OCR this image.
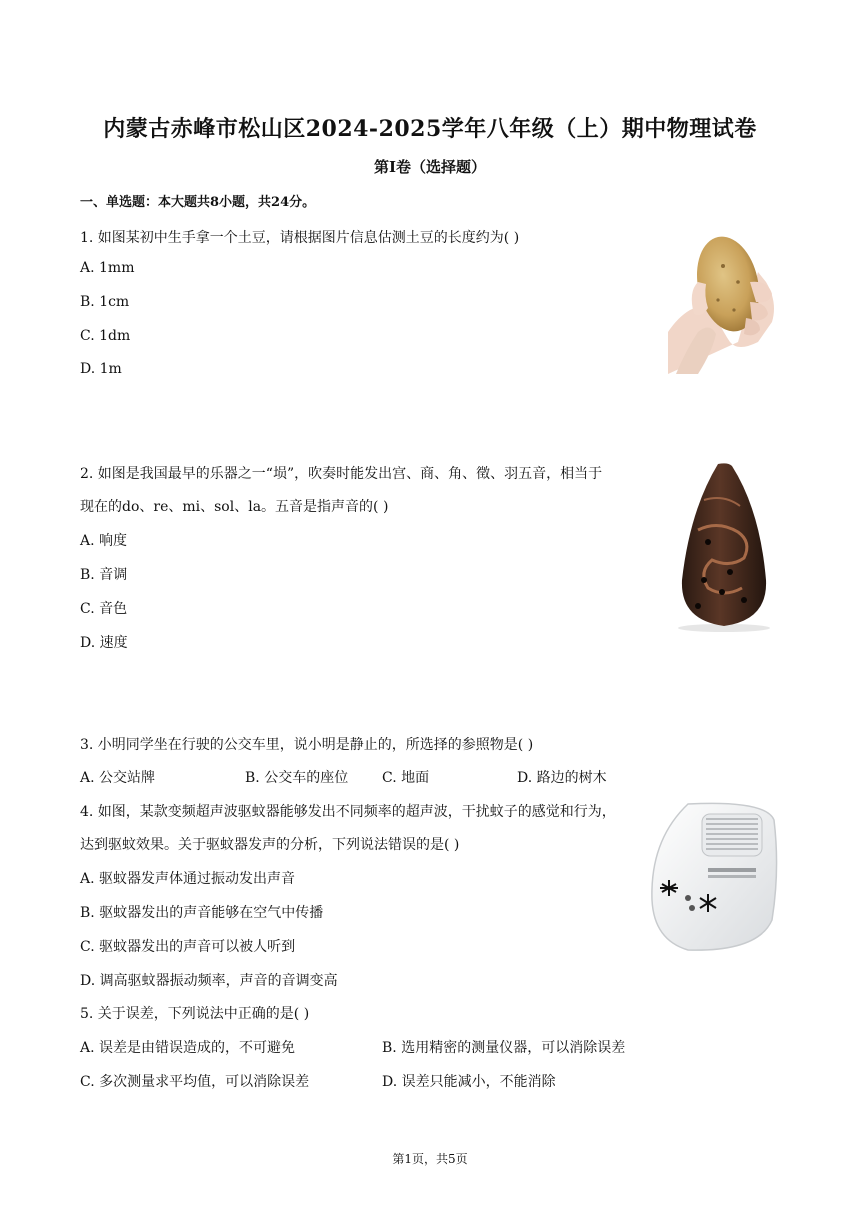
内蒙古赤峰市松山区2024-2025学年八年级（上）期中物理试卷
第I卷（选择题）
一、单选题：本大题共8小题，共24分。
1. 如图某初中生手拿一个土豆，请根据图片信息估测土豆的长度约为( )
A. 1mm
B. 1cm
C. 1dm
D. 1m
2. 如图是我国最早的乐器之一“埙”，吹奏时能发出宫、商、角、徵、羽五音，相当于
现在的do、re、mi、sol、la。五音是指声音的( )
A. 响度
B. 音调
C. 音色
D. 速度
3. 小明同学坐在行驶的公交车里，说小明是静止的，所选择的参照物是( )
A. 公交站牌	B. 公交车的座位 C. 地面	D. 路边的树木
4. 如图，某款变频超声波驱蚊器能够发出不同频率的超声波，干扰蚊子的感觉和行为，
达到驱蚊效果。关于驱蚊器发声的分析，下列说法错误的是( )
A. 驱蚊器发声体通过振动发出声音
B. 驱蚊器发出的声音能够在空气中传播
C. 驱蚊器发出的声音可以被人听到
D. 调高驱蚊器振动频率，声音的音调变高
5. 关于误差，下列说法中正确的是( )
A. 误差是由错误造成的，不可避免	B. 选用精密的测量仪器，可以消除误差
C. 多次测量求平均值，可以消除误差	D. 误差只能减小，不能消除
第1页，共5页
